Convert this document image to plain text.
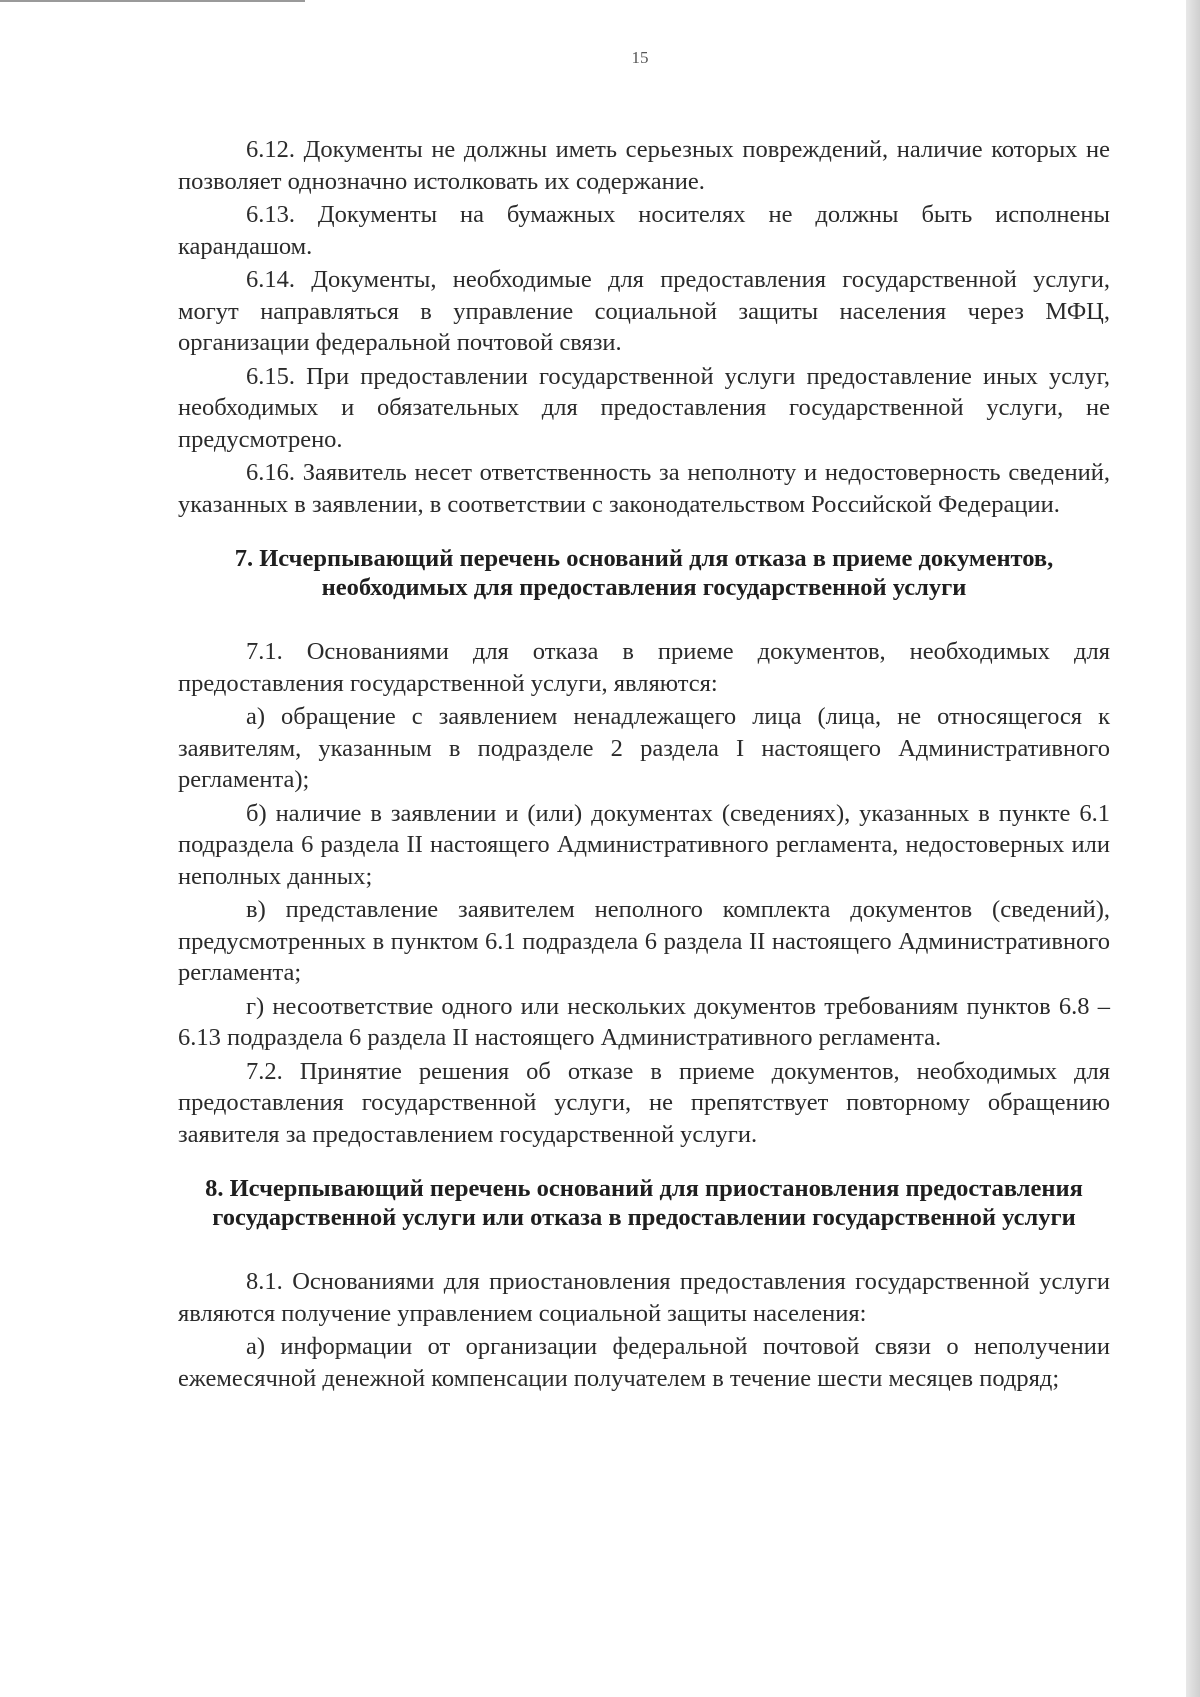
15

6.12. Документы не должны иметь серьезных повреждений, наличие которых не позволяет однозначно истолковать их содержание.

6.13. Документы на бумажных носителях не должны быть исполнены карандашом.

6.14. Документы, необходимые для предоставления государственной услуги, могут направляться в управление социальной защиты населения через МФЦ, организации федеральной почтовой связи.

6.15. При предоставлении государственной услуги предоставление иных услуг, необходимых и обязательных для предоставления государственной услуги, не предусмотрено.

6.16. Заявитель несет ответственность за неполноту и недостоверность сведений, указанных в заявлении, в соответствии с законодательством Российской Федерации.

7. Исчерпывающий перечень оснований для отказа в приеме документов, необходимых для предоставления государственной услуги

7.1. Основаниями для отказа в приеме документов, необходимых для предоставления государственной услуги, являются:

а) обращение с заявлением ненадлежащего лица (лица, не относящегося к заявителям, указанным в подразделе 2 раздела I настоящего Административного регламента);

б) наличие в заявлении и (или) документах (сведениях), указанных в пункте 6.1 подраздела 6 раздела II настоящего Административного регламента, недостоверных или неполных данных;

в) представление заявителем неполного комплекта документов (сведений), предусмотренных в пунктом 6.1 подраздела 6 раздела II настоящего Административного регламента;

г) несоответствие одного или нескольких документов требованиям пунктов 6.8 – 6.13 подраздела 6 раздела II настоящего Административного регламента.

7.2. Принятие решения об отказе в приеме документов, необходимых для предоставления государственной услуги, не препятствует повторному обращению заявителя за предоставлением государственной услуги.

8. Исчерпывающий перечень оснований для приостановления предоставления государственной услуги или отказа в предоставлении государственной услуги

8.1. Основаниями для приостановления предоставления государственной услуги являются получение управлением социальной защиты населения:

а) информации от организации федеральной почтовой связи о неполучении ежемесячной денежной компенсации получателем в течение шести месяцев подряд;
